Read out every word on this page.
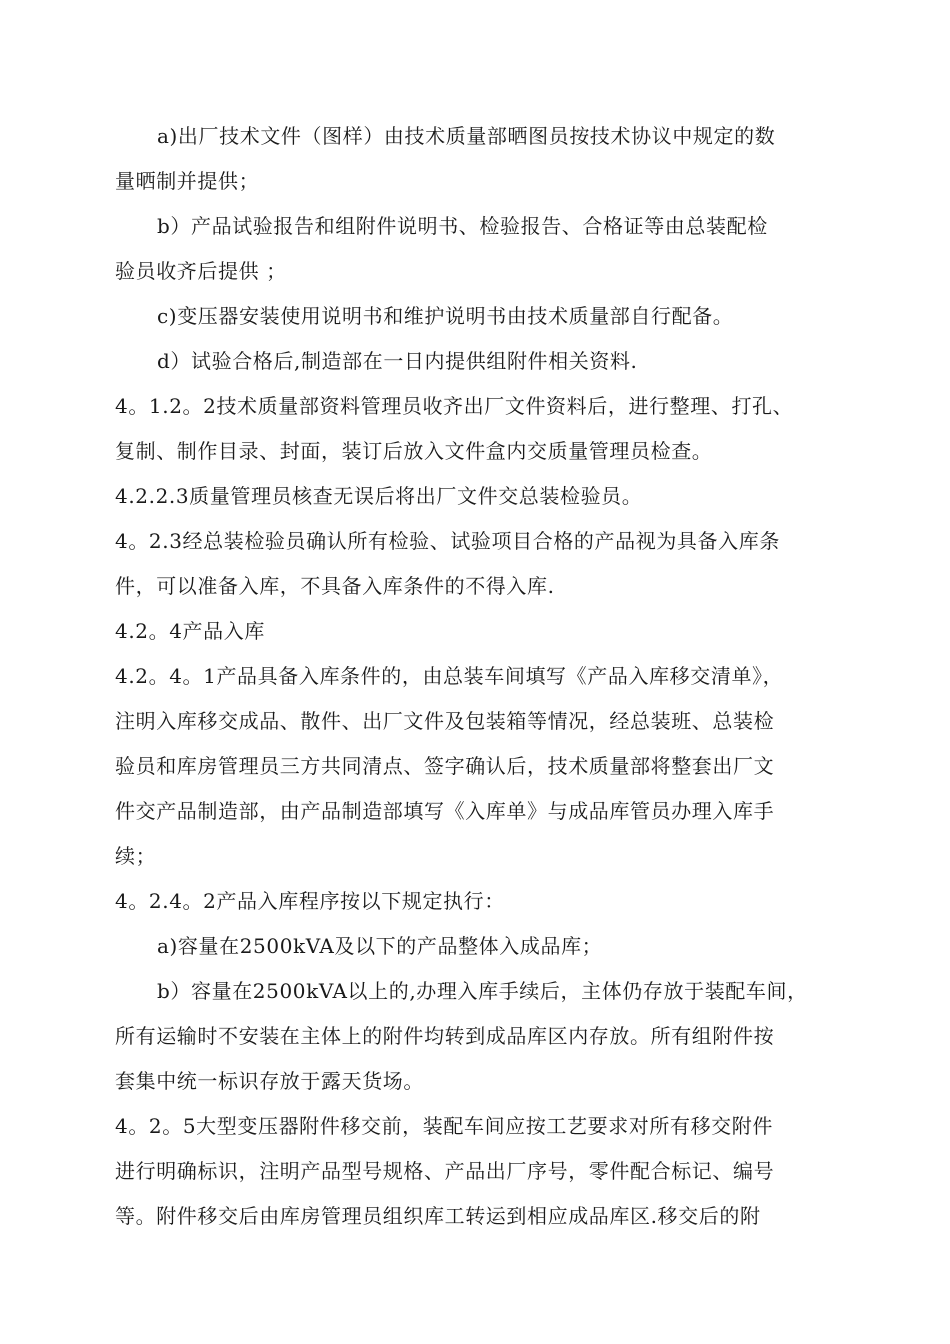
a)出厂技术文件（图样）由技术质量部晒图员按技术协议中规定的数
量晒制并提供；
b）产品试验报告和组附件说明书、检验报告、合格证等由总装配检
验员收齐后提供 ；
c)变压器安装使用说明书和维护说明书由技术质量部自行配备。
d）试验合格后,制造部在一日内提供组附件相关资料.
4。1.2。2技术质量部资料管理员收齐出厂文件资料后，进行整理、打孔、
复制、制作目录、封面，装订后放入文件盒内交质量管理员检查。
4.2.2.3质量管理员核查无误后将出厂文件交总装检验员。
4。2.3经总装检验员确认所有检验、试验项目合格的产品视为具备入库条
件，可以准备入库，不具备入库条件的不得入库.
4.2。4产品入库
4.2。4。1产品具备入库条件的，由总装车间填写《产品入库移交清单》，
注明入库移交成品、散件、出厂文件及包装箱等情况，经总装班、总装检
验员和库房管理员三方共同清点、签字确认后，技术质量部将整套出厂文
件交产品制造部，由产品制造部填写《入库单》与成品库管员办理入库手
续；
4。2.4。2产品入库程序按以下规定执行：
a)容量在2500kVA及以下的产品整体入成品库；
b）容量在2500kVA以上的,办理入库手续后，主体仍存放于装配车间，
所有运输时不安装在主体上的附件均转到成品库区内存放。所有组附件按
套集中统一标识存放于露天货场。
4。2。5大型变压器附件移交前，装配车间应按工艺要求对所有移交附件
进行明确标识，注明产品型号规格、产品出厂序号，零件配合标记、编号
等。附件移交后由库房管理员组织库工转运到相应成品库区.移交后的附
